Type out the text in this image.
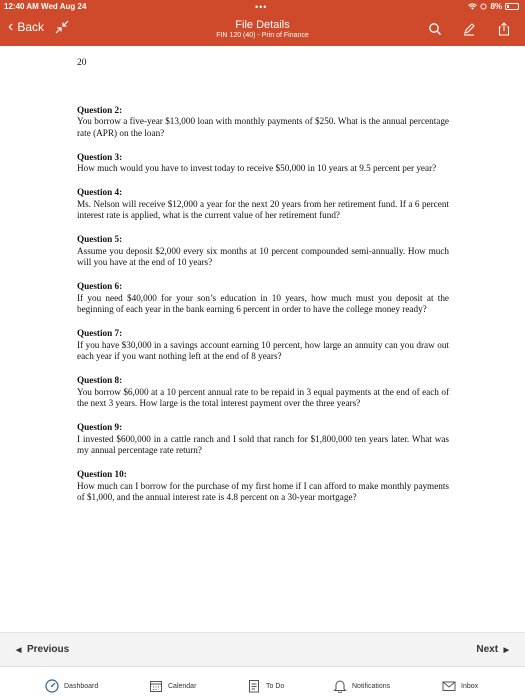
12:40 AM Wed Aug 24	•••	8%
‹ Back	File Details
FIN 120 (40) - Prin of Finance
20
Question 2:
You borrow a five-year $13,000 loan with monthly payments of $250. What is the annual percentage rate (APR) on the loan?
Question 3:
How much would you have to invest today to receive $50,000 in 10 years at 9.5 percent per year?
Question 4:
Ms. Nelson will receive $12,000 a year for the next 20 years from her retirement fund. If a 6 percent interest rate is applied, what is the current value of her retirement fund?
Question 5:
Assume you deposit $2,000 every six months at 10 percent compounded semi-annually. How much will you have at the end of 10 years?
Question 6:
If you need $40,000 for your son’s education in 10 years, how much must you deposit at the beginning of each year in the bank earning 6 percent in order to have the college money ready?
Question 7:
If you have $30,000 in a savings account earning 10 percent, how large an annuity can you draw out each year if you want nothing left at the end of 8 years?
Question 8:
You borrow $6,000 at a 10 percent annual rate to be repaid in 3 equal payments at the end of each of the next 3 years. How large is the total interest payment over the three years?
Question 9:
I invested $600,000 in a cattle ranch and I sold that ranch for $1,800,000 ten years later. What was my annual percentage rate return?
Question 10:
How much can I borrow for the purchase of my first home if I can afford to make monthly payments of $1,000, and the annual interest rate is 4.8 percent on a 30-year mortgage?
◀ Previous	Next ▶
Dashboard	Calendar	To Do	Notifications	Inbox
